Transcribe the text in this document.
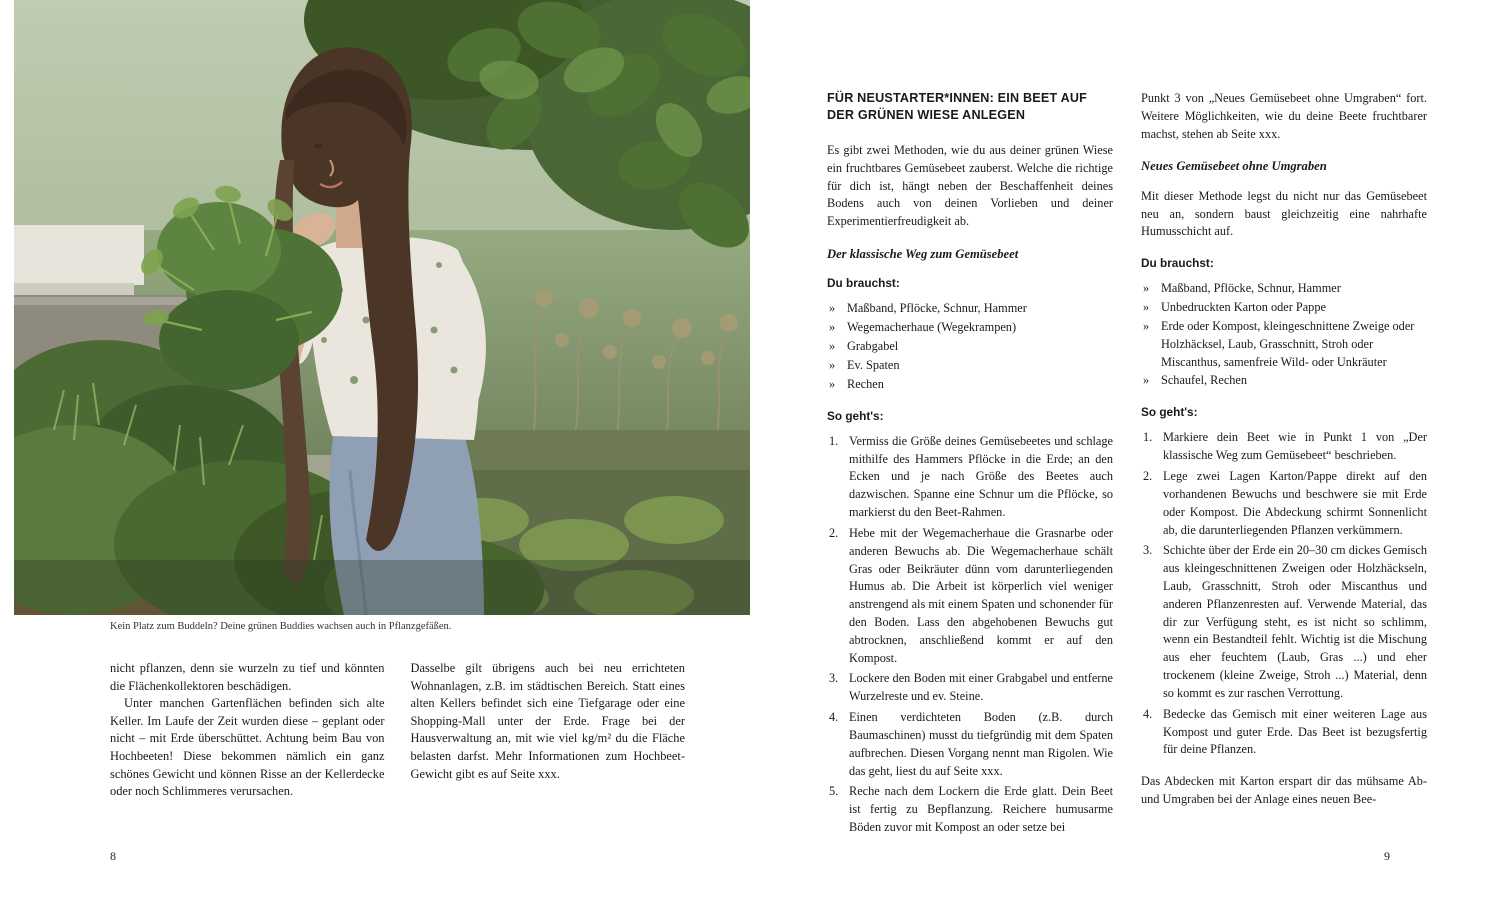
Kein Platz zum Buddeln? Deine grünen Buddies wachsen auch in Pflanzgefäßen.

nicht pflanzen, denn sie wurzeln zu tief und könnten die Flächenkollektoren beschädigen.

Unter manchen Gartenflächen befinden sich alte Keller. Im Laufe der Zeit wurden diese – geplant oder nicht – mit Erde überschüttet. Achtung beim Bau von Hochbeeten! Diese bekommen nämlich ein ganz schönes Gewicht und können Risse an der Kellerdecke oder noch Schlimmeres verursachen.

Dasselbe gilt übrigens auch bei neu errichteten Wohnanlagen, z.B. im städtischen Bereich. Statt eines alten Kellers befindet sich eine Tiefgarage oder eine Shopping-Mall unter der Erde. Frage bei der Hausverwaltung an, mit wie viel kg/m² du die Fläche belasten darfst. Mehr Informationen zum Hochbeet-Gewicht gibt es auf Seite xxx.

8
FÜR NEUSTARTER*INNEN: EIN BEET AUF DER GRÜNEN WIESE ANLEGEN

Es gibt zwei Methoden, wie du aus deiner grünen Wiese ein fruchtbares Gemüsebeet zauberst. Welche die richtige für dich ist, hängt neben der Beschaffenheit deines Bodens auch von deinen Vorlieben und deiner Experimentierfreudigkeit ab.

Der klassische Weg zum Gemüsebeet
Du brauchst:
» Maßband, Pflöcke, Schnur, Hammer
» Wegemacherhaue (Wegekrampen)
» Grabgabel
» Ev. Spaten
» Rechen
So geht's:
Vermiss die Größe deines Gemüsebeetes und schlage mithilfe des Hammers Pflöcke in die Erde; an den Ecken und je nach Größe des Beetes auch dazwischen. Spanne eine Schnur um die Pflöcke, so markierst du den Beet-Rahmen.
Hebe mit der Wegemacherhaue die Grasnarbe oder anderen Bewuchs ab. Die Wegemacherhaue schält Gras oder Beikräuter dünn vom darunterliegenden Humus ab. Die Arbeit ist körperlich viel weniger anstrengend als mit einem Spaten und schonender für den Boden. Lass den abgehobenen Bewuchs gut abtrocknen, anschließend kommt er auf den Kompost.
Lockere den Boden mit einer Grabgabel und entferne Wurzelreste und ev. Steine.
Einen verdichteten Boden (z.B. durch Baumaschinen) musst du tiefgründig mit dem Spaten aufbrechen. Diesen Vorgang nennt man Rigolen. Wie das geht, liest du auf Seite xxx.
Reche nach dem Lockern die Erde glatt. Dein Beet ist fertig zu Bepflanzung. Reichere humusarme Böden zuvor mit Kompost an oder setze bei

Punkt 3 von „Neues Gemüsebeet ohne Umgraben“ fort. Weitere Möglichkeiten, wie du deine Beete fruchtbarer machst, stehen ab Seite xxx.

Neues Gemüsebeet ohne Umgraben

Mit dieser Methode legst du nicht nur das Gemüsebeet neu an, sondern baust gleichzeitig eine nahrhafte Humusschicht auf.

Du brauchst:
» Maßband, Pflöcke, Schnur, Hammer
» Unbedruckten Karton oder Pappe
» Erde oder Kompost, kleingeschnittene Zweige oder Holzhäcksel, Laub, Grasschnitt, Stroh oder Miscanthus, samenfreie Wild- oder Unkräuter
» Schaufel, Rechen
So geht's:
Markiere dein Beet wie in Punkt 1 von „Der klassische Weg zum Gemüsebeet“ beschrieben.
Lege zwei Lagen Karton/Pappe direkt auf den vorhandenen Bewuchs und beschwere sie mit Erde oder Kompost. Die Abdeckung schirmt Sonnenlicht ab, die darunterliegenden Pflanzen verkümmern.
Schichte über der Erde ein 20–30 cm dickes Gemisch aus kleingeschnittenen Zweigen oder Holzhäckseln, Laub, Grasschnitt, Stroh oder Miscanthus und anderen Pflanzenresten auf. Verwende Material, das dir zur Verfügung steht, es ist nicht so schlimm, wenn ein Bestandteil fehlt. Wichtig ist die Mischung aus eher feuchtem (Laub, Gras ...) und eher trockenem (kleine Zweige, Stroh ...) Material, denn so kommt es zur raschen Verrottung.
Bedecke das Gemisch mit einer weiteren Lage aus Kompost und guter Erde. Das Beet ist bezugsfertig für deine Pflanzen.

Das Abdecken mit Karton erspart dir das mühsame Ab- und Umgraben bei der Anlage eines neuen Bee-

9
